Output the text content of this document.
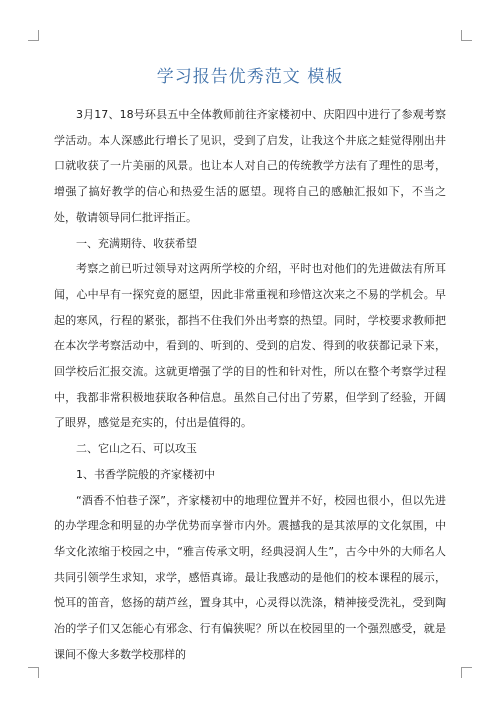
学习报告优秀范文 模板

3月17、18号环县五中全体教师前往齐家楼初中、庆阳四中进行了参观考察学活动。本人深感此行增长了见识，受到了启发，让我这个井底之蛙觉得刚出井口就收获了一片美丽的风景。也让本人对自己的传统教学方法有了理性的思考，增强了搞好教学的信心和热爱生活的愿望。现将自己的感触汇报如下，不当之处，敬请领导同仁批评指正。

一、充满期待、收获希望

考察之前已听过领导对这两所学校的介绍，平时也对他们的先进做法有所耳闻，心中早有一探究竟的愿望，因此非常重视和珍惜这次来之不易的学机会。早起的寒风，行程的紧张，都挡不住我们外出考察的热望。同时，学校要求教师把在本次学考察活动中，看到的、听到的、受到的启发、得到的收获都记录下来，回学校后汇报交流。这就更增强了学的目的性和针对性，所以在整个考察学过程中，我都非常积极地获取各种信息。虽然自己付出了劳累，但学到了经验，开阔了眼界，感觉是充实的，付出是值得的。

二、它山之石、可以攻玉

1、书香学院般的齐家楼初中

“酒香不怕巷子深”，齐家楼初中的地理位置并不好，校园也很小，但以先进的办学理念和明显的办学优势而享誉市内外。震撼我的是其浓厚的文化氛围，中华文化浓缩于校园之中，“雅言传承文明，经典浸润人生”，古今中外的大师名人共同引领学生求知，求学，感悟真谛。最让我感动的是他们的校本课程的展示，悦耳的笛音，悠扬的葫芦丝，置身其中，心灵得以洗涤，精神接受洗礼，受到陶冶的学子们又怎能心有邪念、行有偏狭呢？所以在校园里的一个强烈感受，就是课间不像大多数学校那样的
